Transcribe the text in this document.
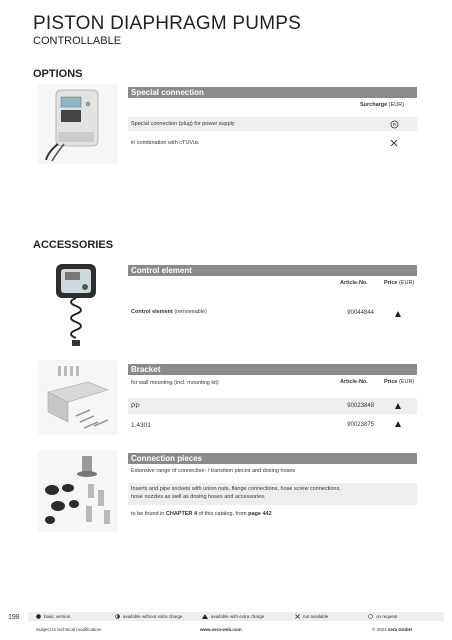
PISTON DIAPHRAGM PUMPS
CONTROLLABLE
OPTIONS
Special connection
Surcharge (EUR)
Special connection (plug) for power supply	R
in combination with cTUVus
ACCESSORIES
Control element
Article-No.	Price (EUR)
Control element
(removeable)	90044844
Bracket
for wall mounting (incl. mounting kit)	Article-No.	Price (EUR)
PP	90023848
1.4301	90023875
Connection pieces
Extensive range of connective- / transition pieces and dosing hoses
Inserts and pipe sockets with union nuts, flange connections, hose screw connections,
hose nozzles as well as dosing hoses and accessories.
to be found in
CHAPTER 4
of this catalog, from
page 442
198	basic version	available without extra charge	available with extra charge	not available	on request
Subject to technical modification!	www.sera-web.com	© 2021 sera GmbH
